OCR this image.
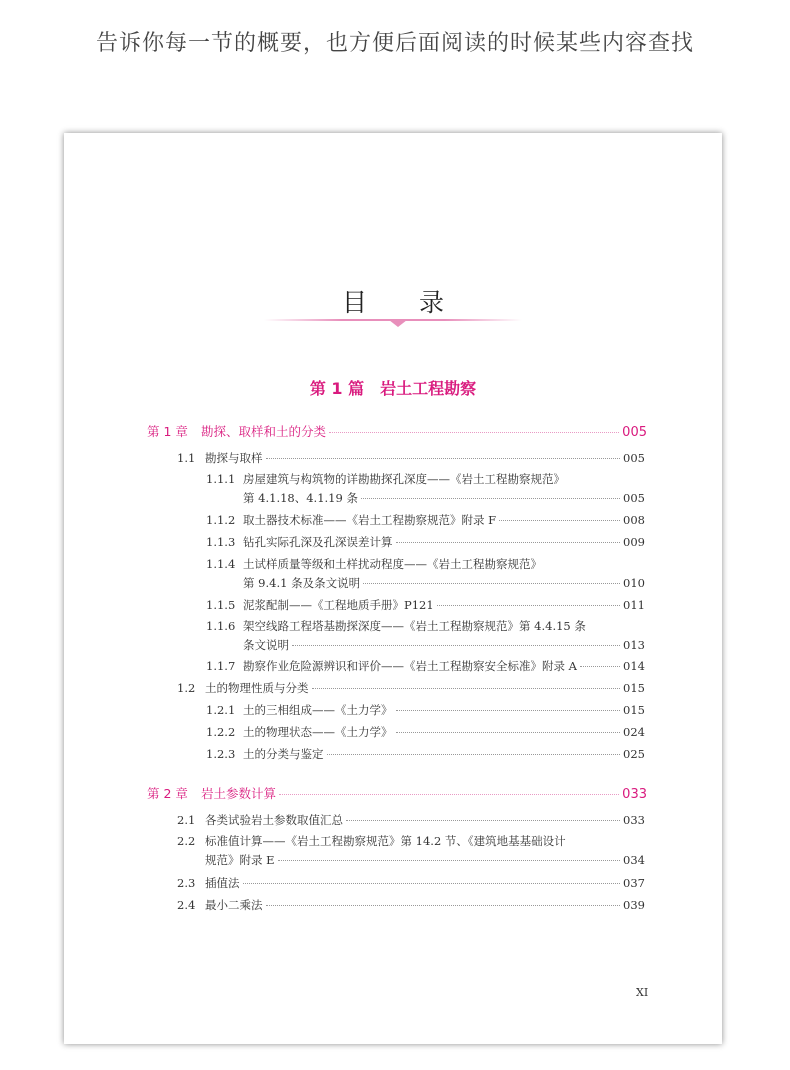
告诉你每一节的概要，也方便后面阅读的时候某些内容查找
目 录
第 1 篇　岩土工程勘察
第 1 章	勘探、取样和土的分类	005
1.1 勘探与取样	005
1.1.1 房屋建筑与构筑物的详勘勘探孔深度——《岩土工程勘察规范》
第 4.1.18、4.1.19 条	005
1.1.2 取土器技术标准——《岩土工程勘察规范》附录 F	008
1.1.3 钻孔实际孔深及孔深误差计算	009
1.1.4 土试样质量等级和土样扰动程度——《岩土工程勘察规范》
第 9.4.1 条及条文说明	010
1.1.5 泥浆配制——《工程地质手册》P121	011
1.1.6 架空线路工程塔基勘探深度——《岩土工程勘察规范》第 4.4.15 条
条文说明	013
1.1.7 勘察作业危险源辨识和评价——《岩土工程勘察安全标准》附录 A	014
1.2 土的物理性质与分类	015
1.2.1 土的三相组成——《土力学》	015
1.2.2 土的物理状态——《土力学》	024
1.2.3 土的分类与鉴定	025
第 2 章	岩土参数计算	033
2.1 各类试验岩土参数取值汇总	033
2.2 标准值计算——《岩土工程勘察规范》第 14.2 节、《建筑地基基础设计
规范》附录 E	034
2.3 插值法	037
2.4 最小二乘法	039
XI
